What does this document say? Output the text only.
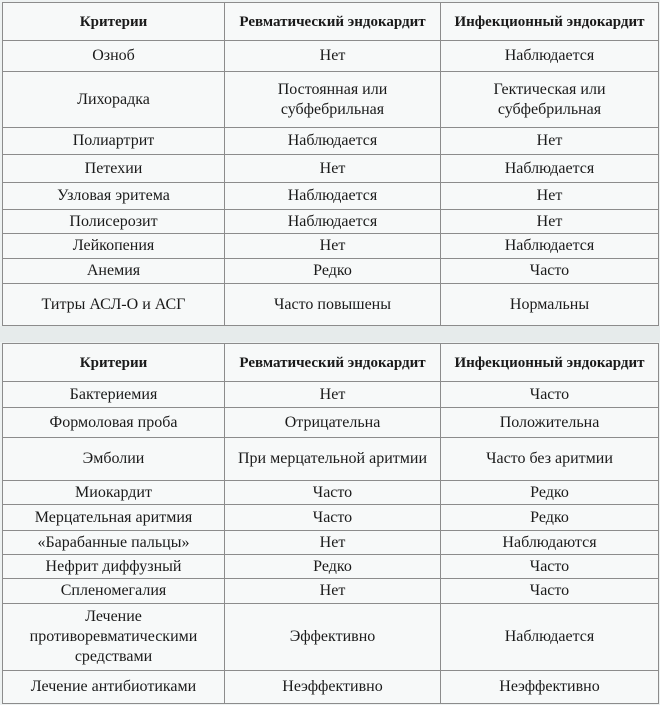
Критерии	Ревматический эндокардит	Инфекционный эндокардит
Озноб	Нет	Наблюдается
Лихорадка	Постоянная или субфебрильная	Гектическая или субфебрильная
Полиартрит	Наблюдается	Нет
Петехии	Нет	Наблюдается
Узловая эритема	Наблюдается	Нет
Полисерозит	Наблюдается	Нет
Лейкопения	Нет	Наблюдается
Анемия	Редко	Часто
Титры АСЛ-О и АСГ	Часто повышены	Нормальны
Критерии	Ревматический эндокардит	Инфекционный эндокардит
Бактериемия	Нет	Часто
Формоловая проба	Отрицательна	Положительна
Эмболии	При мерцательной аритмии	Часто без аритмии
Миокардит	Часто	Редко
Мерцательная аритмия	Часто	Редко
«Барабанные пальцы»	Нет	Наблюдаются
Нефрит диффузный	Редко	Часто
Спленомегалия	Нет	Часто
Лечение противоревматическими средствами	Эффективно	Наблюдается
Лечение антибиотиками	Неэффективно	Неэффективно
